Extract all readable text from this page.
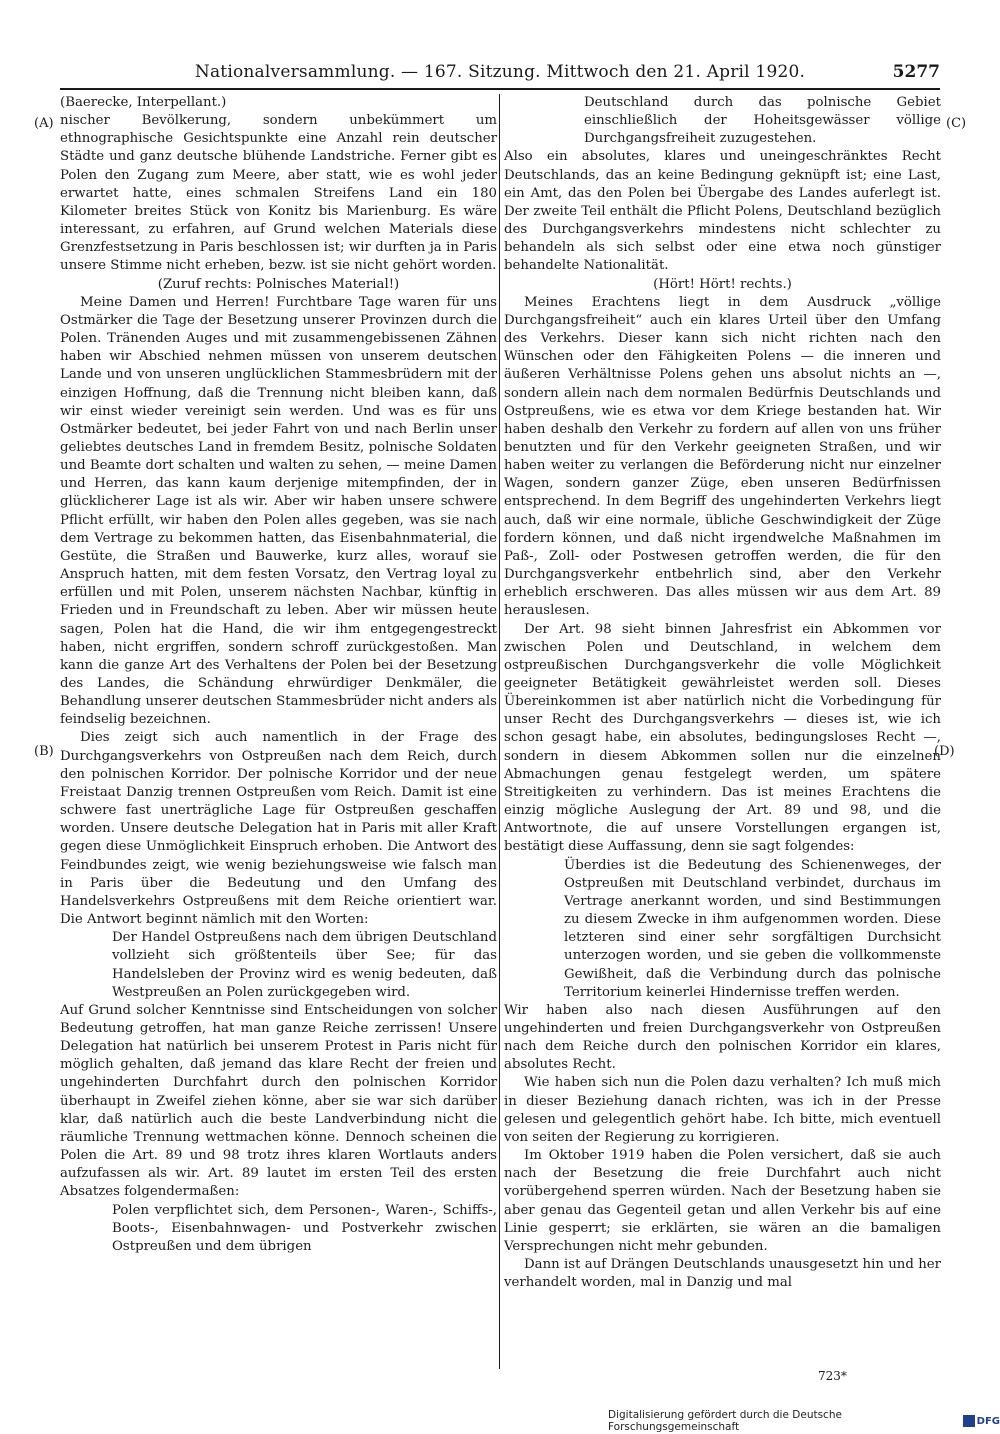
Nationalversammlung. — 167. Sitzung. Mittwoch den 21. April 1920.	5277
(A)
(B)
(C)
(D)

(Baerecke, Interpellant.)

nischer Bevölkerung, sondern unbekümmert um ethnographische Gesichtspunkte eine Anzahl rein deutscher Städte und ganz deutsche blühende Landstriche. Ferner gibt es Polen den Zugang zum Meere, aber statt, wie es wohl jeder erwartet hatte, eines schmalen Streifens Land ein 180 Kilometer breites Stück von Konitz bis Marienburg. Es wäre interessant, zu erfahren, auf Grund welchen Materials diese Grenzfestsetzung in Paris beschlossen ist; wir durften ja in Paris unsere Stimme nicht erheben, bezw. ist sie nicht gehört worden.

(Zuruf rechts: Polnisches Material!)

Meine Damen und Herren! Furchtbare Tage waren für uns Ostmärker die Tage der Besetzung unserer Provinzen durch die Polen. Tränenden Auges und mit zusammengebissenen Zähnen haben wir Abschied nehmen müssen von unserem deutschen Lande und von unseren unglücklichen Stammesbrüdern mit der einzigen Hoffnung, daß die Trennung nicht bleiben kann, daß wir einst wieder vereinigt sein werden. Und was es für uns Ostmärker bedeutet, bei jeder Fahrt von und nach Berlin unser geliebtes deutsches Land in fremdem Besitz, polnische Soldaten und Beamte dort schalten und walten zu sehen, — meine Damen und Herren, das kann kaum derjenige mitempfinden, der in glücklicherer Lage ist als wir. Aber wir haben unsere schwere Pflicht erfüllt, wir haben den Polen alles gegeben, was sie nach dem Vertrage zu bekommen hatten, das Eisenbahnmaterial, die Gestüte, die Straßen und Bauwerke, kurz alles, worauf sie Anspruch hatten, mit dem festen Vorsatz, den Vertrag loyal zu erfüllen und mit Polen, unserem nächsten Nachbar, künftig in Frieden und in Freundschaft zu leben. Aber wir müssen heute sagen, Polen hat die Hand, die wir ihm entgegengestreckt haben, nicht ergriffen, sondern schroff zurückgestoßen. Man kann die ganze Art des Verhaltens der Polen bei der Besetzung des Landes, die Schändung ehrwürdiger Denkmäler, die Behandlung unserer deutschen Stammesbrüder nicht anders als feindselig bezeichnen.

Dies zeigt sich auch namentlich in der Frage des Durchgangsverkehrs von Ostpreußen nach dem Reich, durch den polnischen Korridor. Der polnische Korridor und der neue Freistaat Danzig trennen Ostpreußen vom Reich. Damit ist eine schwere fast unerträgliche Lage für Ostpreußen geschaffen worden. Unsere deutsche Delegation hat in Paris mit aller Kraft gegen diese Unmöglichkeit Einspruch erhoben. Die Antwort des Feindbundes zeigt, wie wenig beziehungsweise wie falsch man in Paris über die Bedeutung und den Umfang des Handelsverkehrs Ostpreußens mit dem Reiche orientiert war. Die Antwort beginnt nämlich mit den Worten:

Der Handel Ostpreußens nach dem übrigen Deutschland vollzieht sich größtenteils über See; für das Handelsleben der Provinz wird es wenig bedeuten, daß Westpreußen an Polen zurückgegeben wird.

Auf Grund solcher Kenntnisse sind Entscheidungen von solcher Bedeutung getroffen, hat man ganze Reiche zerrissen! Unsere Delegation hat natürlich bei unserem Protest in Paris nicht für möglich gehalten, daß jemand das klare Recht der freien und ungehinderten Durchfahrt durch den polnischen Korridor überhaupt in Zweifel ziehen könne, aber sie war sich darüber klar, daß natürlich auch die beste Landverbindung nicht die räumliche Trennung wettmachen könne. Dennoch scheinen die Polen die Art. 89 und 98 trotz ihres klaren Wortlauts anders aufzufassen als wir. Art. 89 lautet im ersten Teil des ersten Absatzes folgendermaßen:

Polen verpflichtet sich, dem Personen-, Waren-, Schiffs-, Boots-, Eisenbahnwagen- und Postverkehr zwischen Ostpreußen und dem übrigen

Deutschland durch das polnische Gebiet einschließlich der Hoheitsgewässer völlige Durchgangsfreiheit zuzugestehen.

Also ein absolutes, klares und uneingeschränktes Recht Deutschlands, das an keine Bedingung geknüpft ist; eine Last, ein Amt, das den Polen bei Übergabe des Landes auferlegt ist. Der zweite Teil enthält die Pflicht Polens, Deutschland bezüglich des Durchgangsverkehrs mindestens nicht schlechter zu behandeln als sich selbst oder eine etwa noch günstiger behandelte Nationalität.

(Hört! Hört! rechts.)

Meines Erachtens liegt in dem Ausdruck „völlige Durchgangsfreiheit“ auch ein klares Urteil über den Umfang des Verkehrs. Dieser kann sich nicht richten nach den Wünschen oder den Fähigkeiten Polens — die inneren und äußeren Verhältnisse Polens gehen uns absolut nichts an —, sondern allein nach dem normalen Bedürfnis Deutschlands und Ostpreußens, wie es etwa vor dem Kriege bestanden hat. Wir haben deshalb den Verkehr zu fordern auf allen von uns früher benutzten und für den Verkehr geeigneten Straßen, und wir haben weiter zu verlangen die Beförderung nicht nur einzelner Wagen, sondern ganzer Züge, eben unseren Bedürfnissen entsprechend. In dem Begriff des ungehinderten Verkehrs liegt auch, daß wir eine normale, übliche Geschwindigkeit der Züge fordern können, und daß nicht irgendwelche Maßnahmen im Paß-, Zoll- oder Postwesen getroffen werden, die für den Durchgangsverkehr entbehrlich sind, aber den Verkehr erheblich erschweren. Das alles müssen wir aus dem Art. 89 herauslesen.

Der Art. 98 sieht binnen Jahresfrist ein Abkommen vor zwischen Polen und Deutschland, in welchem dem ostpreußischen Durchgangsverkehr die volle Möglichkeit geeigneter Betätigkeit gewährleistet werden soll. Dieses Übereinkommen ist aber natürlich nicht die Vorbedingung für unser Recht des Durchgangsverkehrs — dieses ist, wie ich schon gesagt habe, ein absolutes, bedingungsloses Recht —, sondern in diesem Abkommen sollen nur die einzelnen Abmachungen genau festgelegt werden, um spätere Streitigkeiten zu verhindern. Das ist meines Erachtens die einzig mögliche Auslegung der Art. 89 und 98, und die Antwortnote, die auf unsere Vorstellungen ergangen ist, bestätigt diese Auffassung, denn sie sagt folgendes:

Überdies ist die Bedeutung des Schienenweges, der Ostpreußen mit Deutschland verbindet, durchaus im Vertrage anerkannt worden, und sind Bestimmungen zu diesem Zwecke in ihm aufgenommen worden. Diese letzteren sind einer sehr sorgfältigen Durchsicht unterzogen worden, und sie geben die vollkommenste Gewißheit, daß die Verbindung durch das polnische Territorium keinerlei Hindernisse treffen werden.

Wir haben also nach diesen Ausführungen auf den ungehinderten und freien Durchgangsverkehr von Ostpreußen nach dem Reiche durch den polnischen Korridor ein klares, absolutes Recht.

Wie haben sich nun die Polen dazu verhalten? Ich muß mich in dieser Beziehung danach richten, was ich in der Presse gelesen und gelegentlich gehört habe. Ich bitte, mich eventuell von seiten der Regierung zu korrigieren.

Im Oktober 1919 haben die Polen versichert, daß sie auch nach der Besetzung die freie Durchfahrt auch nicht vorübergehend sperren würden. Nach der Besetzung haben sie aber genau das Gegenteil getan und allen Verkehr bis auf eine Linie gesperrt; sie erklärten, sie wären an die bamaligen Versprechungen nicht mehr gebunden.

Dann ist auf Drängen Deutschlands unausgesetzt hin und her verhandelt worden, mal in Danzig und mal

723*
Digitalisierung gefördert durch die Deutsche Forschungsgemeinschaft	DFG
